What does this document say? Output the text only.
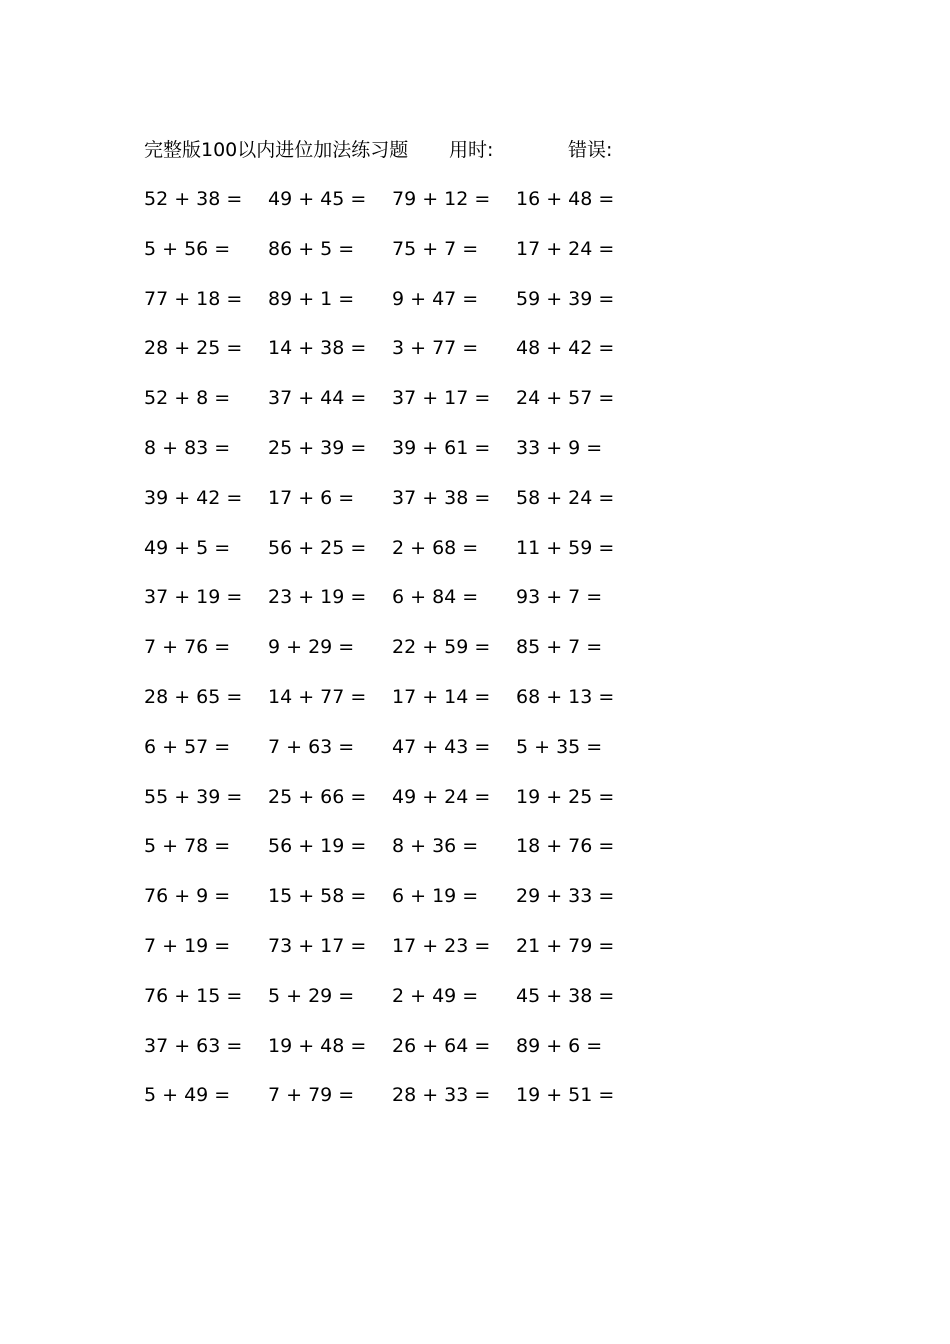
完整版100以内进位加法练习题 用时:	错误:
52 + 38 =	49 + 45 =	79 + 12 =	16 + 48 =
5 + 56 =	86 + 5 =	75 + 7 =	17 + 24 =
77 + 18 =	89 + 1 =	9 + 47 =	59 + 39 =
28 + 25 =	14 + 38 =	3 + 77 =	48 + 42 =
52 + 8 =	37 + 44 =	37 + 17 =	24 + 57 =
8 + 83 =	25 + 39 =	39 + 61 =	33 + 9 =
39 + 42 =	17 + 6 =	37 + 38 =	58 + 24 =
49 + 5 =	56 + 25 =	2 + 68 =	11 + 59 =
37 + 19 =	23 + 19 =	6 + 84 =	93 + 7 =
7 + 76 =	9 + 29 =	22 + 59 =	85 + 7 =
28 + 65 =	14 + 77 =	17 + 14 =	68 + 13 =
6 + 57 =	7 + 63 =	47 + 43 =	5 + 35 =
55 + 39 =	25 + 66 =	49 + 24 =	19 + 25 =
5 + 78 =	56 + 19 =	8 + 36 =	18 + 76 =
76 + 9 =	15 + 58 =	6 + 19 =	29 + 33 =
7 + 19 =	73 + 17 =	17 + 23 =	21 + 79 =
76 + 15 =	5 + 29 =	2 + 49 =	45 + 38 =
37 + 63 =	19 + 48 =	26 + 64 =	89 + 6 =
5 + 49 =	7 + 79 =	28 + 33 =	19 + 51 =
